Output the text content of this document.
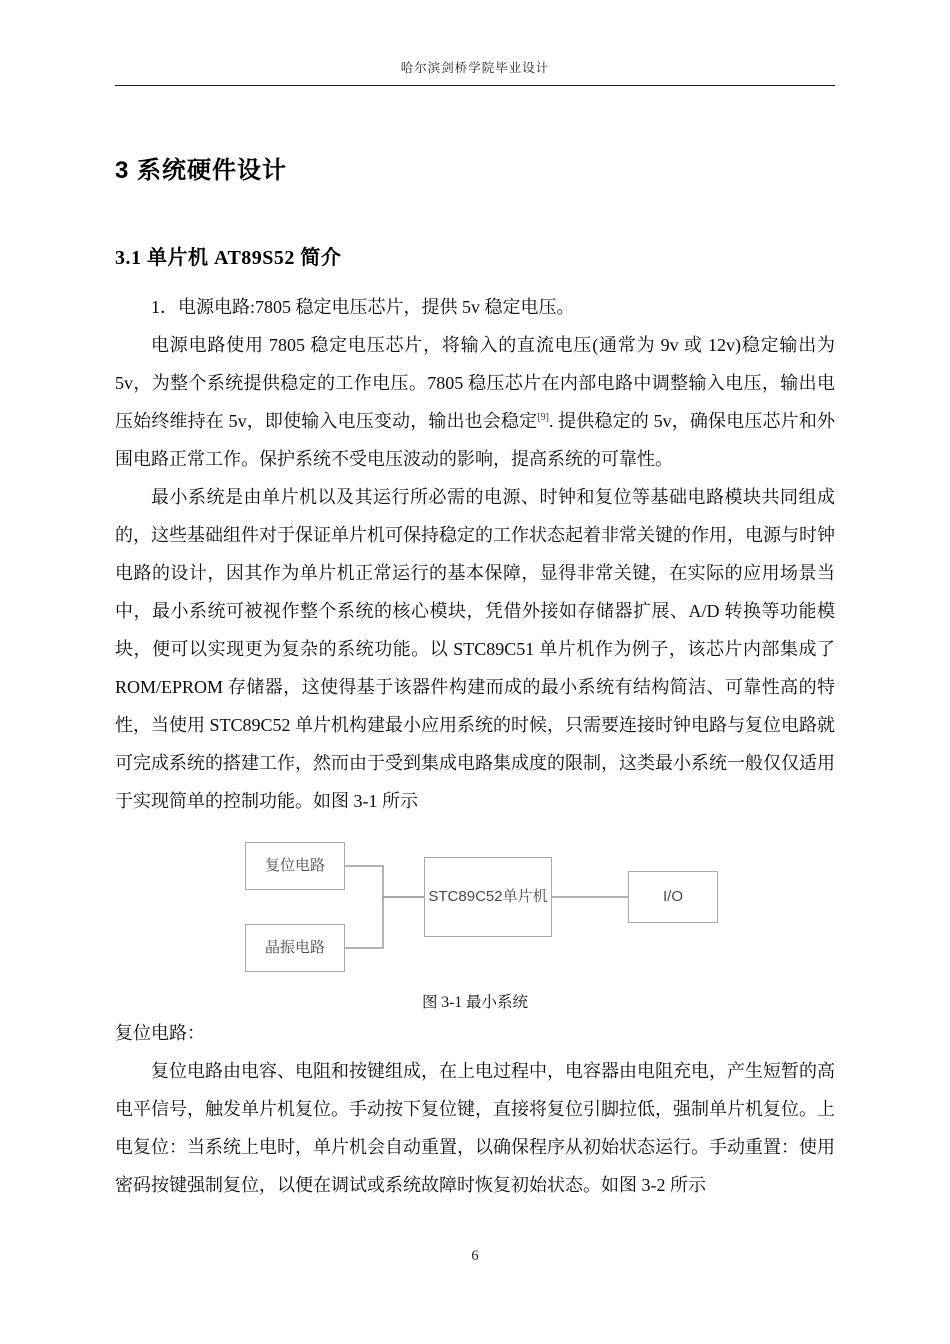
哈尔滨剑桥学院毕业设计
3 系统硬件设计
3.1 单片机 AT89S52 简介

1．电源电路:7805 稳定电压芯片，提供 5v 稳定电压。

电源电路使用 7805 稳定电压芯片，将输入的直流电压(通常为 9v 或 12v)稳定输出为 5v，为整个系统提供稳定的工作电压。7805 稳压芯片在内部电路中调整输入电压，输出电压始终维持在 5v，即使输入电压变动，输出也会稳定[9]. 提供稳定的 5v，确保电压芯片和外围电路正常工作。保护系统不受电压波动的影响，提高系统的可靠性。

最小系统是由单片机以及其运行所必需的电源、时钟和复位等基础电路模块共同组成的，这些基础组件对于保证单片机可保持稳定的工作状态起着非常关键的作用，电源与时钟电路的设计，因其作为单片机正常运行的基本保障，显得非常关键，在实际的应用场景当中，最小系统可被视作整个系统的核心模块，凭借外接如存储器扩展、A/D 转换等功能模块，便可以实现更为复杂的系统功能。以 STC89C51 单片机作为例子，该芯片内部集成了 ROM/EPROM 存储器，这使得基于该器件构建而成的最小系统有结构简洁、可靠性高的特性，当使用 STC89C52 单片机构建最小应用系统的时候，只需要连接时钟电路与复位电路就可完成系统的搭建工作，然而由于受到集成电路集成度的限制，这类最小系统一般仅仅适用于实现简单的控制功能。如图 3-1 所示

复位电路
晶振电路
STC89C52单片机	I/O

图 3-1 最小系统

复位电路：

复位电路由电容、电阻和按键组成，在上电过程中，电容器由电阻充电，产生短暂的高电平信号，触发单片机复位。手动按下复位键，直接将复位引脚拉低，强制单片机复位。上电复位：当系统上电时，单片机会自动重置，以确保程序从初始状态运行。手动重置：使用密码按键强制复位，以便在调试或系统故障时恢复初始状态。如图 3-2 所示

6
